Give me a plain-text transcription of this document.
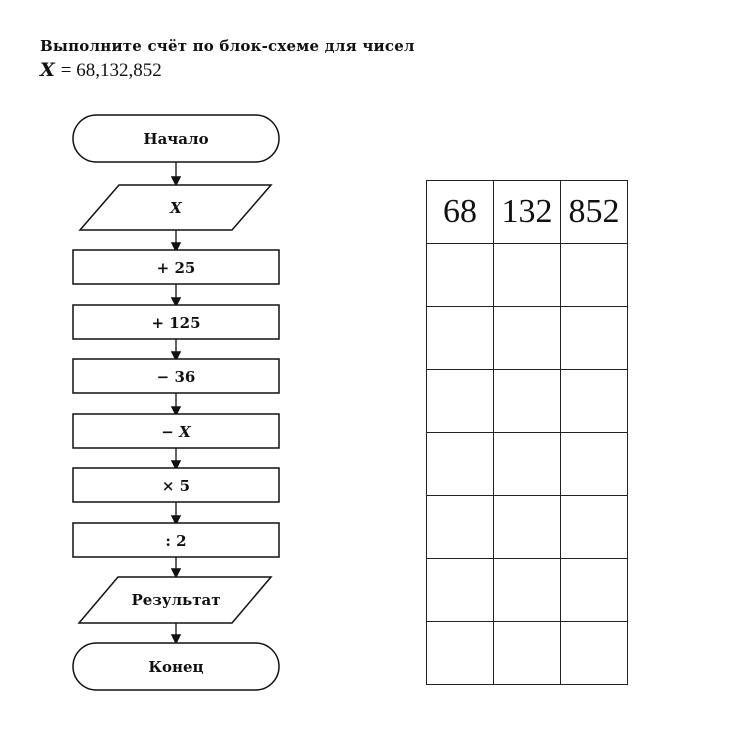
Выполните счёт по блок-схеме для чисел
X = 68,132,852
Начало
X
+ 25
+ 125
− 36
− X
× 5
: 2
Результат
Конец
68	132	852
